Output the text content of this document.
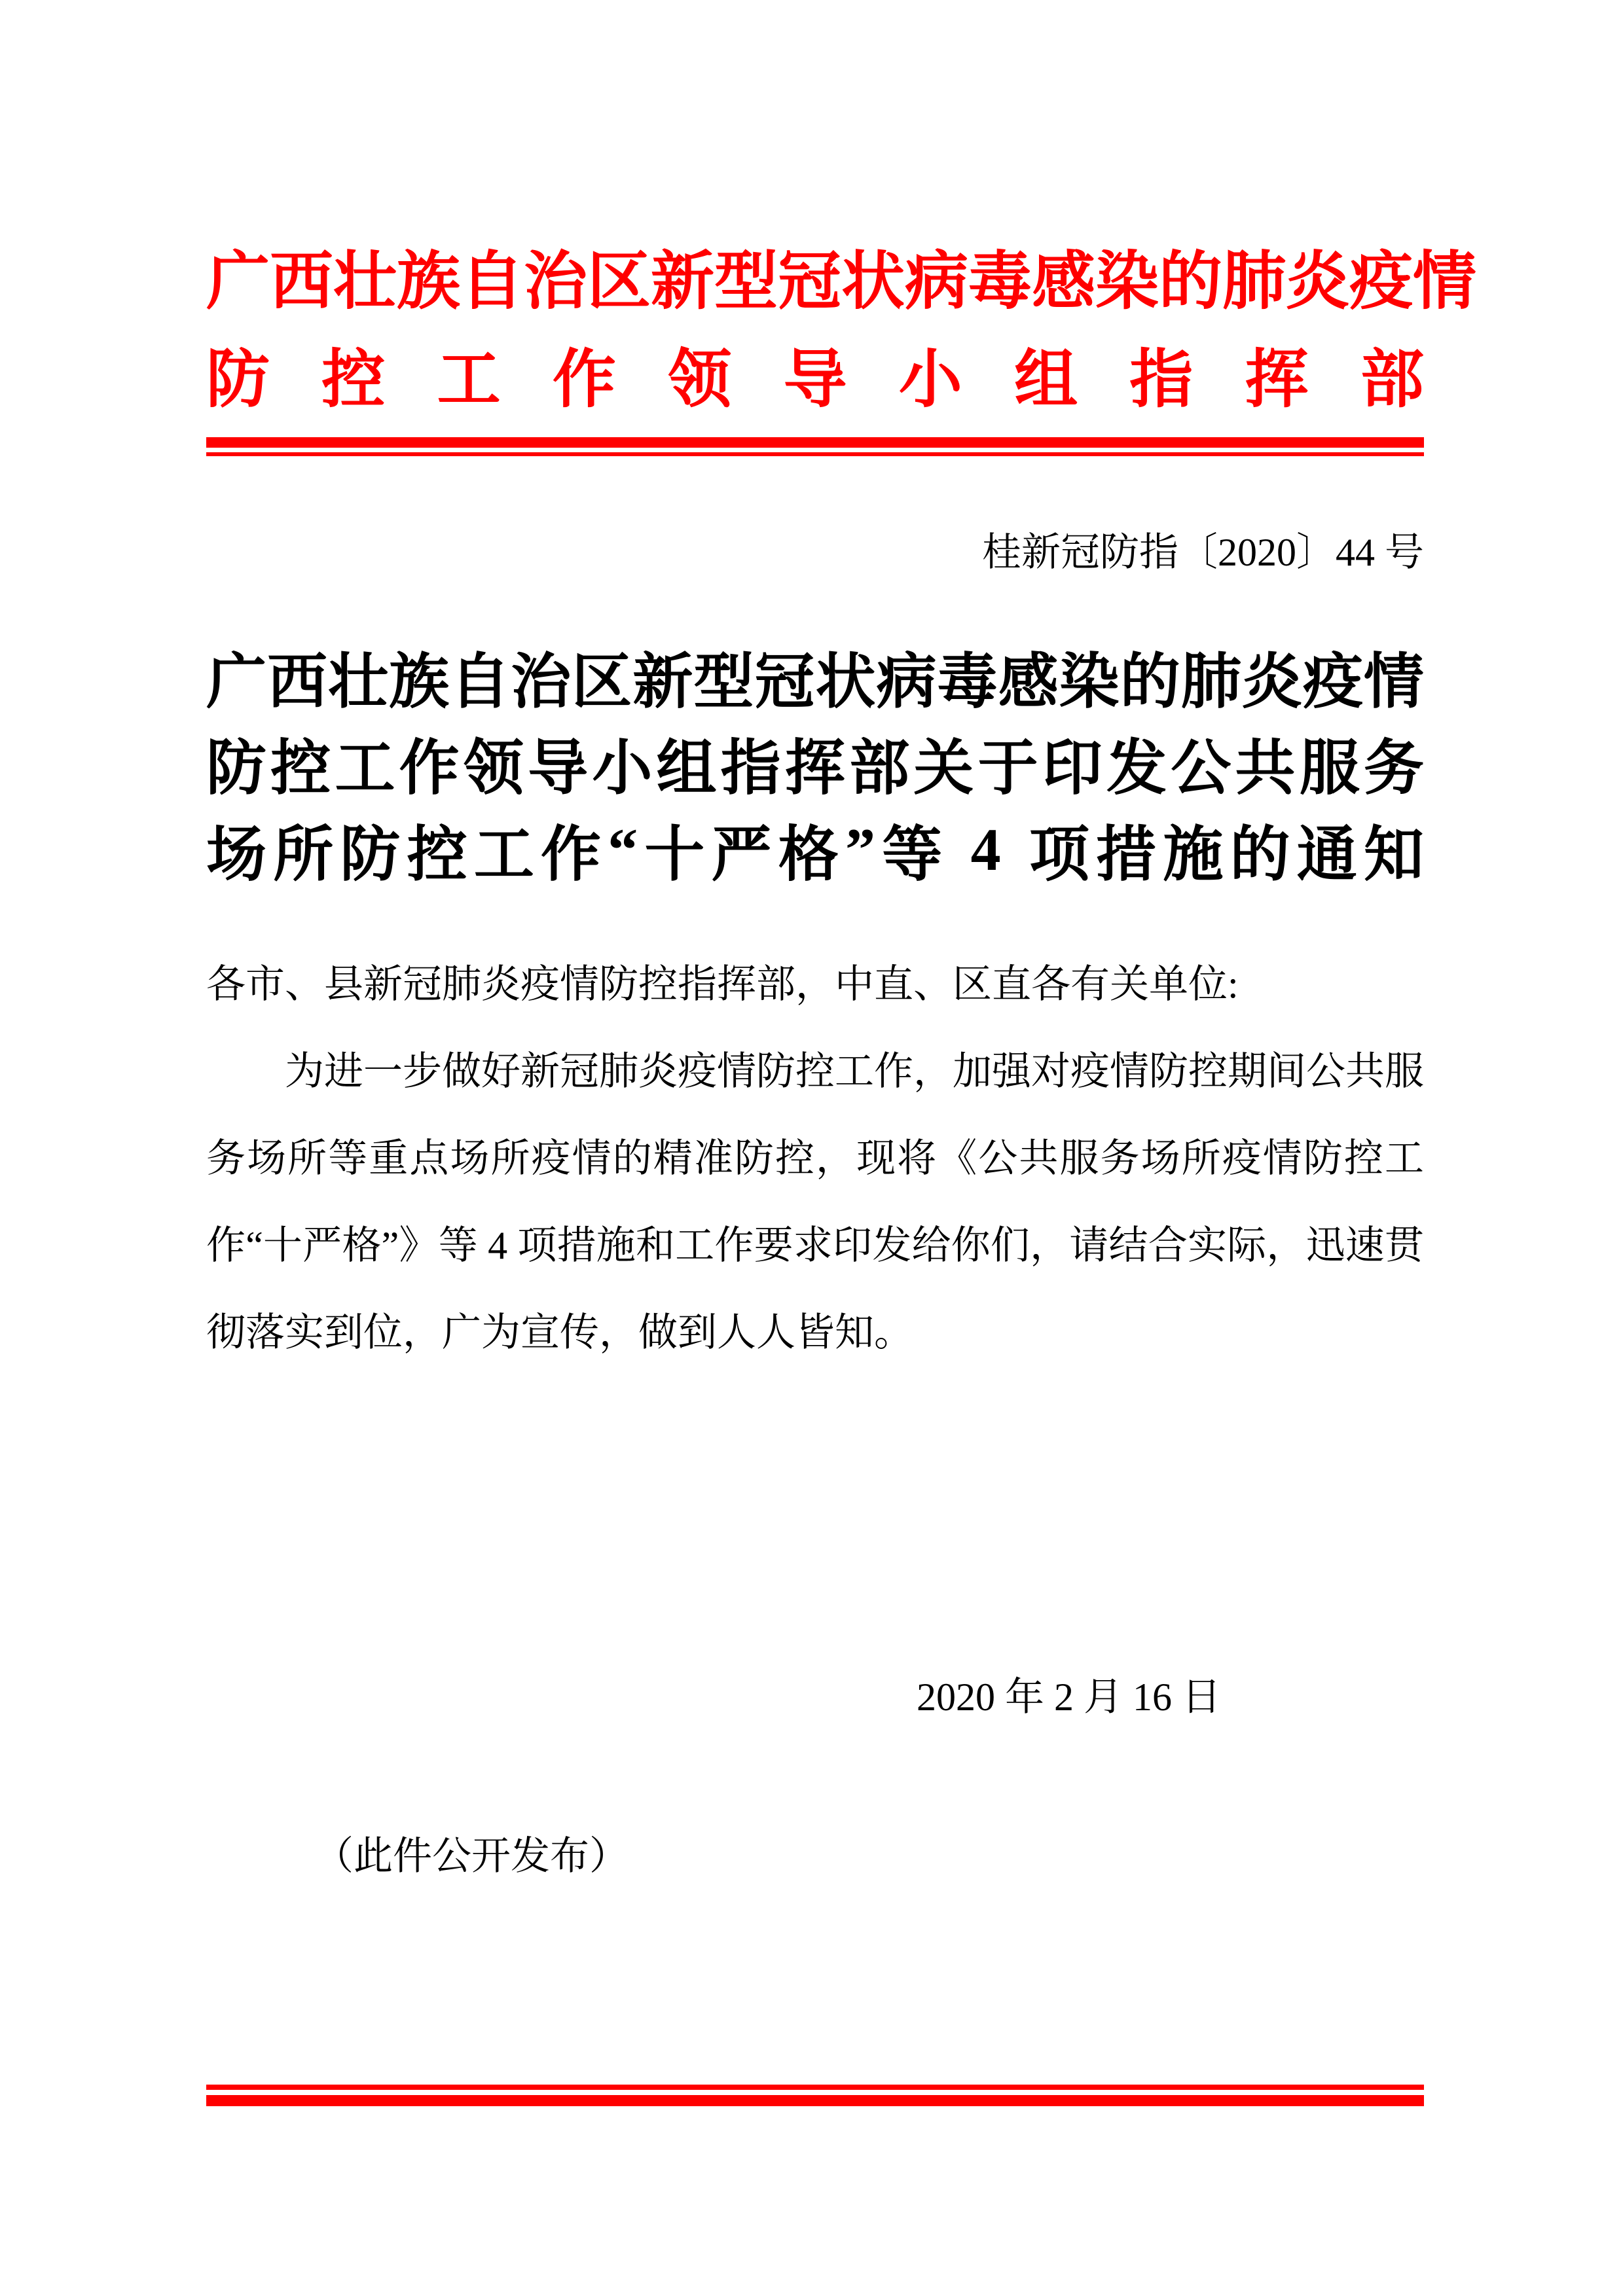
广 西 壮 族 自 治 区 新 型 冠 状 病 毒 感 染 的 肺 炎 疫 情
防 控 工 作 领 导 小 组 指 挥 部
桂新冠防指〔2020〕44 号
广 西 壮 族 自 治 区 新 型 冠 状 病 毒 感 染 的 肺 炎 疫 情
防 控 工 作 领 导 小 组 指 挥 部 关 于 印 发 公 共 服 务
场 所 防 控 工 作 “ 十 严 格 ” 等
4
项 措 施 的 通 知
各市、县新冠肺炎疫情防控指挥部，中直、区直各有关单位:
为进一步做好新冠肺炎疫情防控工作，加强对疫情防控期间公共服务场所等重点场所疫情的精准防控，现将《公共服务场所疫情防控工作“十严格”》等 4 项措施和工作要求印发给你们，请结合实际，迅速贯彻落实到位，广为宣传，做到人人皆知。
2020 年 2 月 16 日
（此件公开发布）
